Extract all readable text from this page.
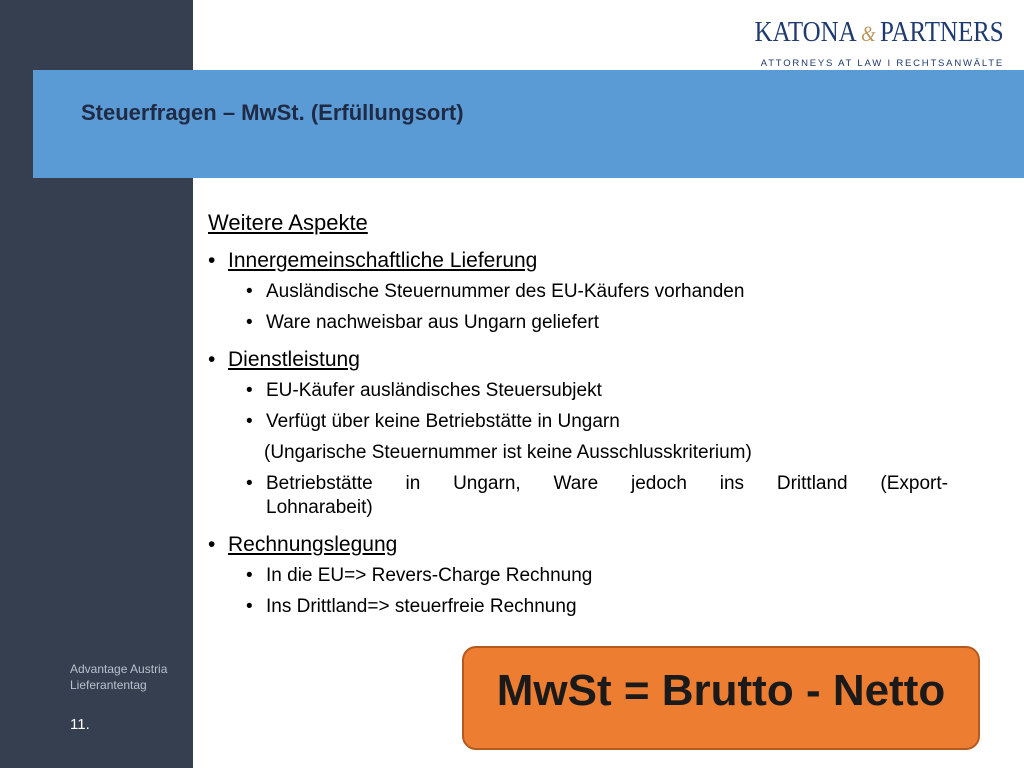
Advantage Austria
Lieferantentag
11.
KATONA & PARTNERS
ATTORNEYS AT LAW I RECHTSANWÄLTE
Steuerfragen – MwSt. (Erfüllungsort)
Weitere Aspekte
• Innergemeinschaftliche Lieferung
• Ausländische Steuernummer des EU-Käufers vorhanden
• Ware nachweisbar aus Ungarn geliefert
• Dienstleistung
• EU-Käufer ausländisches Steuersubjekt
• Verfügt über keine Betriebstätte in Ungarn
(Ungarische Steuernummer ist keine Ausschlusskriterium)
• Betriebstätte in Ungarn, Ware jedoch ins Drittland (Export-
Lohnarabeit)
• Rechnungslegung
• In die EU=> Revers-Charge Rechnung
• Ins Drittland=> steuerfreie Rechnung
MwSt = Brutto - Netto
